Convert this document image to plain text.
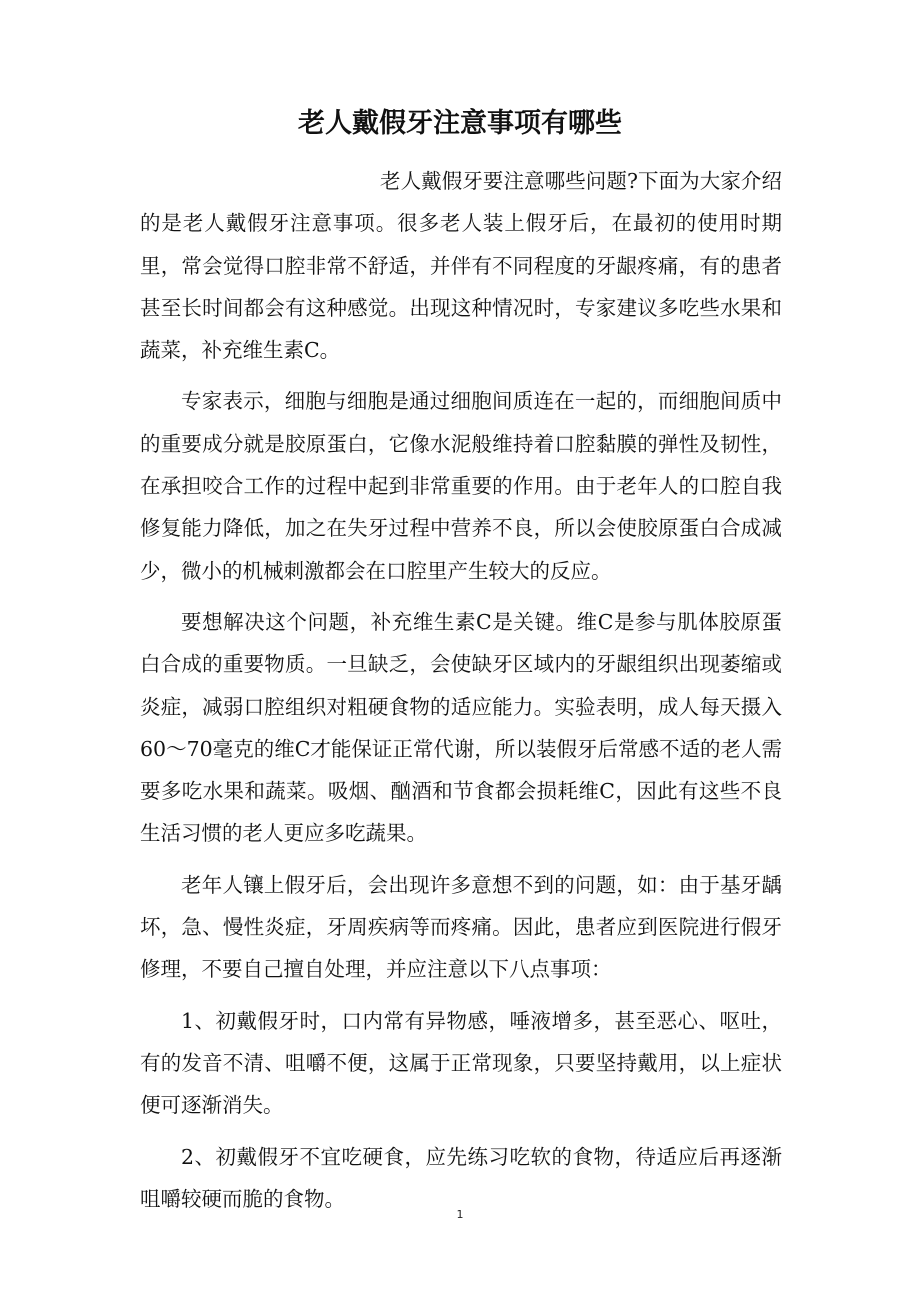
老人戴假牙注意事项有哪些

老人戴假牙要注意哪些问题?下面为大家介绍的是老人戴假牙注意事项。很多老人装上假牙后，在最初的使用时期里，常会觉得口腔非常不舒适，并伴有不同程度的牙龈疼痛，有的患者甚至长时间都会有这种感觉。出现这种情况时，专家建议多吃些水果和蔬菜，补充维生素C。

专家表示，细胞与细胞是通过细胞间质连在一起的，而细胞间质中的重要成分就是胶原蛋白，它像水泥般维持着口腔黏膜的弹性及韧性，在承担咬合工作的过程中起到非常重要的作用。由于老年人的口腔自我修复能力降低，加之在失牙过程中营养不良，所以会使胶原蛋白合成减少，微小的机械刺激都会在口腔里产生较大的反应。

要想解决这个问题，补充维生素C是关键。维C是参与肌体胶原蛋白合成的重要物质。一旦缺乏，会使缺牙区域内的牙龈组织出现萎缩或炎症，减弱口腔组织对粗硬食物的适应能力。实验表明，成人每天摄入60～70毫克的维C才能保证正常代谢，所以装假牙后常感不适的老人需要多吃水果和蔬菜。吸烟、酗酒和节食都会损耗维C，因此有这些不良生活习惯的老人更应多吃蔬果。

老年人镶上假牙后，会出现许多意想不到的问题，如：由于基牙龋坏，急、慢性炎症，牙周疾病等而疼痛。因此，患者应到医院进行假牙修理，不要自己擅自处理，并应注意以下八点事项：

1、初戴假牙时，口内常有异物感，唾液增多，甚至恶心、呕吐，有的发音不清、咀嚼不便，这属于正常现象，只要坚持戴用，以上症状便可逐渐消失。

2、初戴假牙不宜吃硬食，应先练习吃软的食物，待适应后再逐渐咀嚼较硬而脆的食物。

1
